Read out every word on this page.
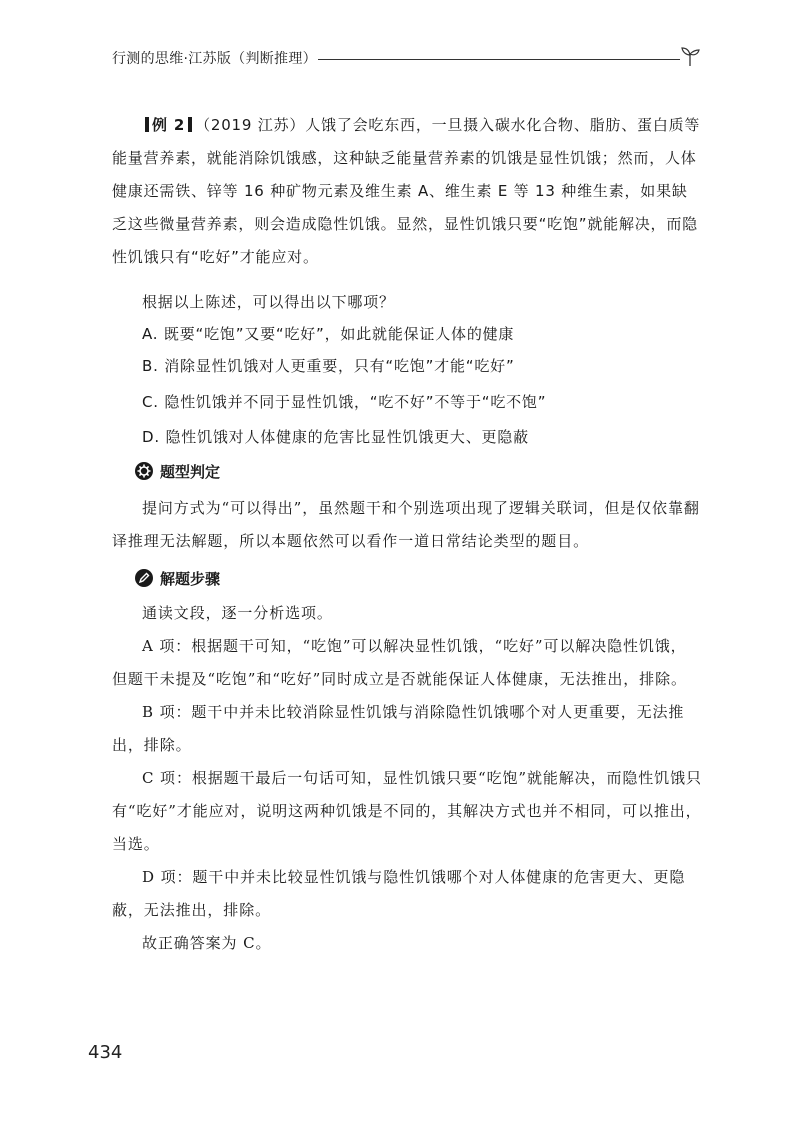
行测的思维·江苏版（判断推理）

例 2 （2019 江苏）人饿了会吃东西，一旦摄入碳水化合物、脂肪、蛋白质等能量营养素，就能消除饥饿感，这种缺乏能量营养素的饥饿是显性饥饿；然而，人体健康还需铁、锌等 16 种矿物元素及维生素 A、维生素 E 等 13 种维生素，如果缺乏这些微量营养素，则会造成隐性饥饿。显然，显性饥饿只要“吃饱”就能解决，而隐性饥饿只有“吃好”才能应对。

根据以上陈述，可以得出以下哪项？
A. 既要“吃饱”又要“吃好”，如此就能保证人体的健康
B. 消除显性饥饿对人更重要，只有“吃饱”才能“吃好”
C. 隐性饥饿并不同于显性饥饿，“吃不好”不等于“吃不饱”
D. 隐性饥饿对人体健康的危害比显性饥饿更大、更隐蔽
题型判定

提问方式为“可以得出”，虽然题干和个别选项出现了逻辑关联词，但是仅依靠翻译推理无法解题，所以本题依然可以看作一道日常结论类型的题目。

解题步骤

通读文段，逐一分析选项。

A 项：根据题干可知，“吃饱”可以解决显性饥饿，“吃好”可以解决隐性饥饿，但题干未提及“吃饱”和“吃好”同时成立是否就能保证人体健康，无法推出，排除。

B 项：题干中并未比较消除显性饥饿与消除隐性饥饿哪个对人更重要，无法推出，排除。

C 项：根据题干最后一句话可知，显性饥饿只要“吃饱”就能解决，而隐性饥饿只有“吃好”才能应对，说明这两种饥饿是不同的，其解决方式也并不相同，可以推出，当选。

D 项：题干中并未比较显性饥饿与隐性饥饿哪个对人体健康的危害更大、更隐蔽，无法推出，排除。

故正确答案为 C。

434
